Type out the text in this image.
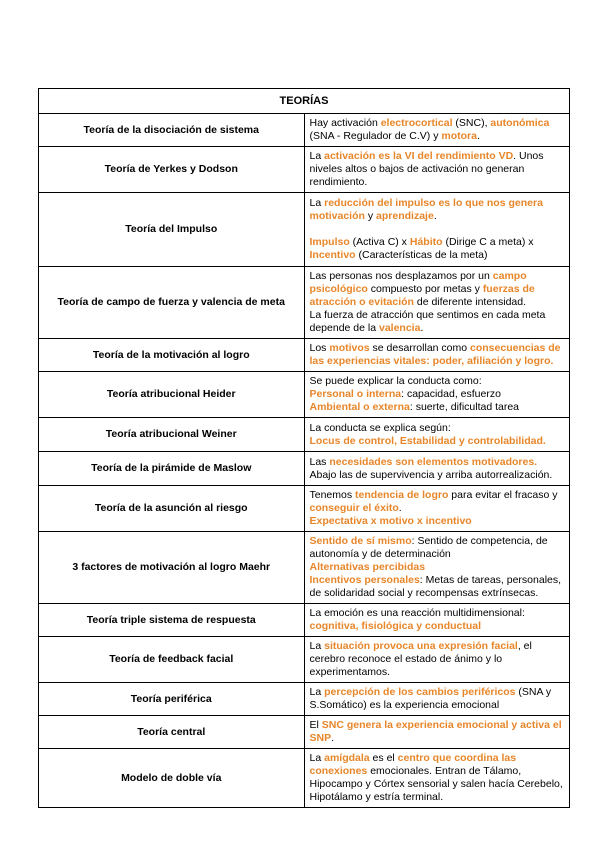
TEORÍAS	
Teoría de la disociación de sistema	Hay activación electrocortical (SNC), autonómica (SNA - Regulador de C.V) y motora.

Teoría de Yerkes y Dodson	La activación es la VI del rendimiento VD. Unos niveles altos o bajos de activación no generan rendimiento.

Teoría del Impulso	La reducción del impulso es lo que nos genera motivación y aprendizaje.
Impulso (Activa C) x Hábito (Dirige C a meta) x Incentivo (Características de la meta)

Teoría de campo de fuerza y valencia de meta	Las personas nos desplazamos por un campo psicológico compuesto por metas y fuerzas de atracción o evitación de diferente intensidad.
La fuerza de atracción que sentimos en cada meta depende de la valencia.

Teoría de la motivación al logro	Los motivos se desarrollan como consecuencias de las experiencias vitales: poder, afiliación y logro.

Teoría atribucional Heider	Se puede explicar la conducta como:
Personal o interna: capacidad, esfuerzo
Ambiental o externa: suerte, dificultad tarea

Teoría atribucional Weiner	La conducta se explica según:
Locus de control, Estabilidad y controlabilidad.

Teoría de la pirámide de Maslow	Las necesidades son elementos motivadores.
Abajo las de supervivencia y arriba autorrealización.

Teoría de la asunción al riesgo	Tenemos tendencia de logro para evitar el fracaso y conseguir el éxito.
Expectativa x motivo x incentivo

3 factores de motivación al logro Maehr	Sentido de sí mismo: Sentido de competencia, de autonomía y de determinación
Alternativas percibidas
Incentivos personales: Metas de tareas, personales, de solidaridad social y recompensas extrínsecas.

Teoría triple sistema de respuesta	La emoción es una reacción multidimensional: cognitiva, fisiológica y conductual

Teoría de feedback facial	La situación provoca una expresión facial, el cerebro reconoce el estado de ánimo y lo experimentamos.

Teoría periférica	La percepción de los cambios periféricos (SNA y S.Somático) es la experiencia emocional

Teoría central	El SNC genera la experiencia emocional y activa el SNP.

Modelo de doble vía	La amígdala es el centro que coordina las conexiones emocionales. Entran de Tálamo, Hipocampo y Córtex sensorial y salen hacía Cerebelo, Hipotálamo y estría terminal.
